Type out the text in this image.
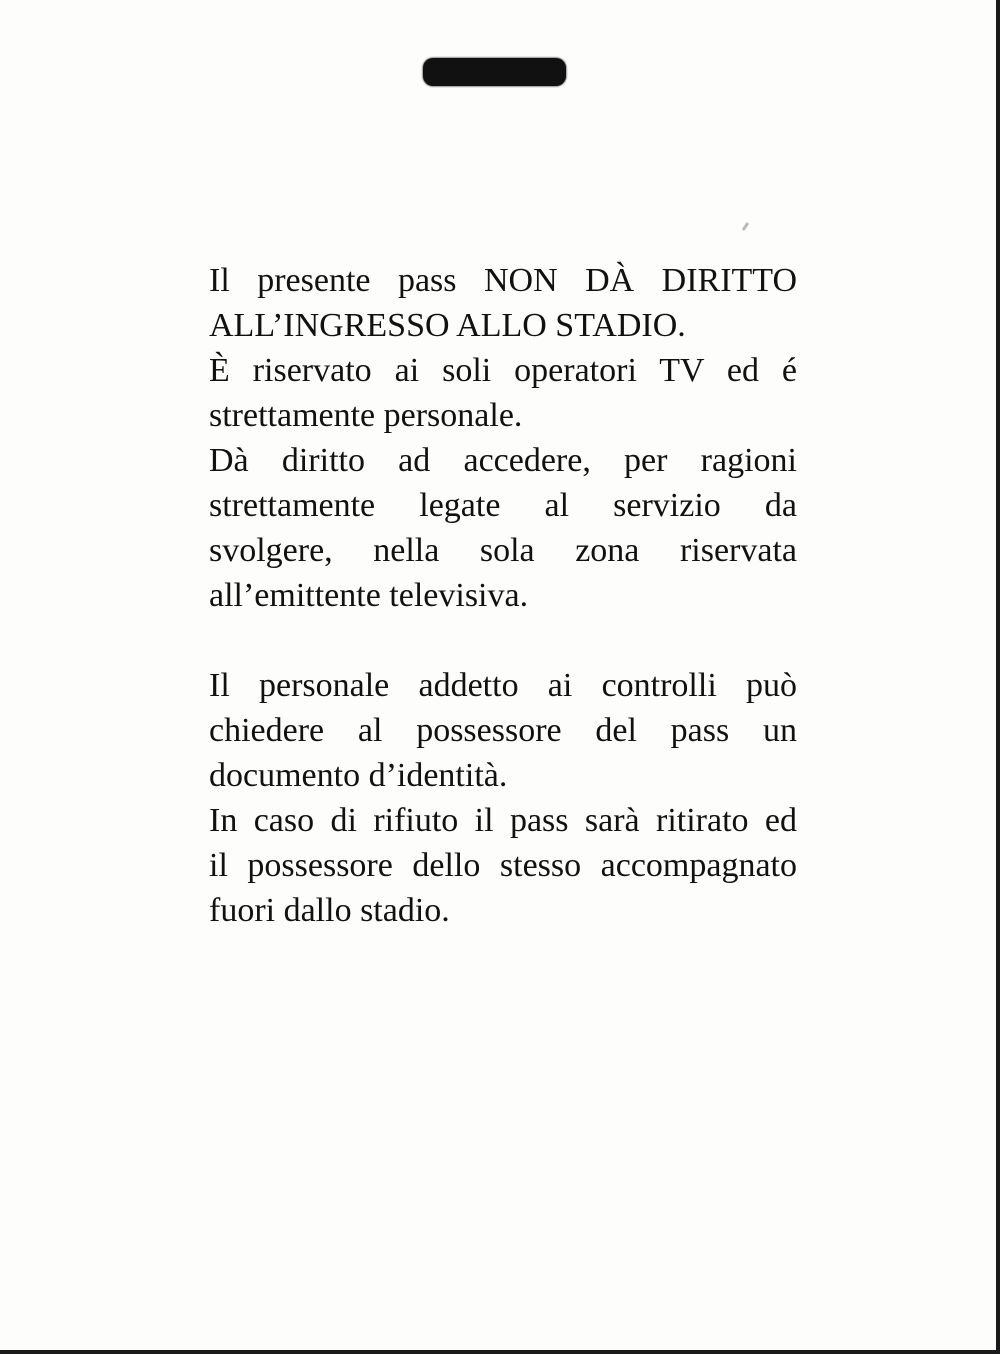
Il presente pass NON DÀ DIRITTO
ALL’INGRESSO ALLO STADIO.
È riservato ai soli operatori TV ed é
strettamente personale.
Dà diritto ad accedere, per ragioni
strettamente legate al servizio da
svolgere, nella sola zona riservata
all’emittente televisiva.
Il personale addetto ai controlli può
chiedere al possessore del pass un
documento d’identità.
In caso di rifiuto il pass sarà ritirato ed
il possessore dello stesso accompagnato
fuori dallo stadio.
